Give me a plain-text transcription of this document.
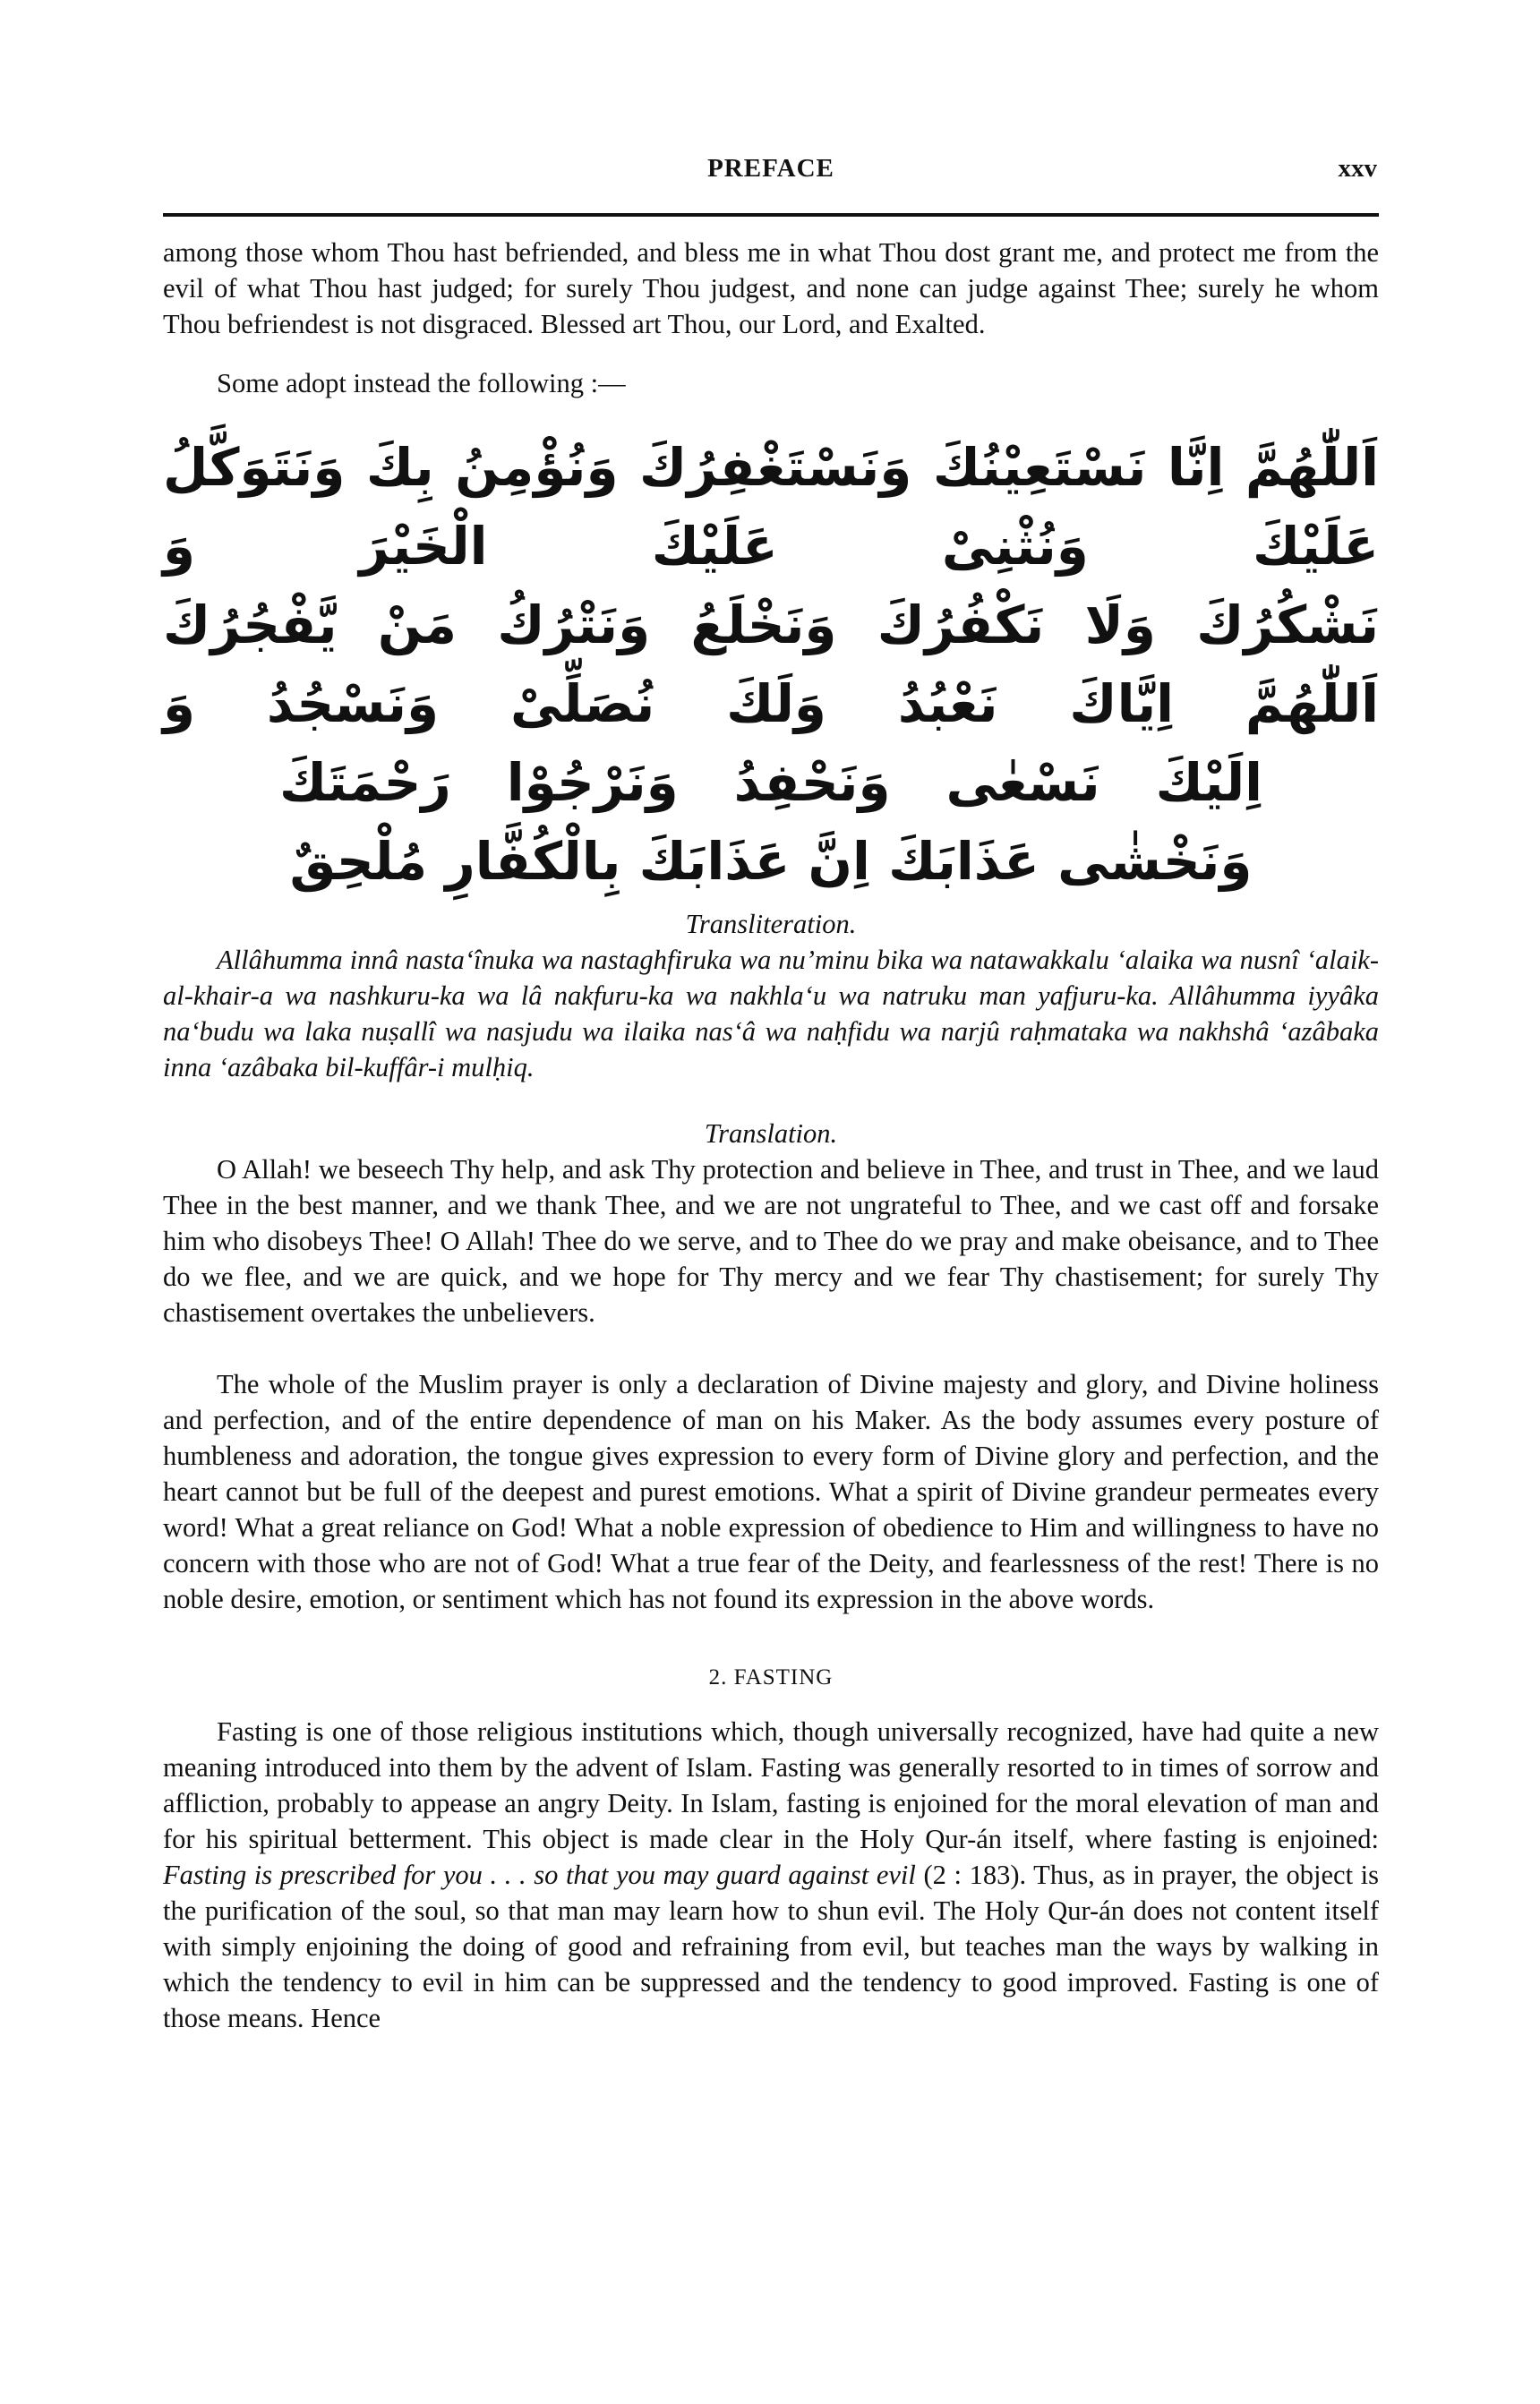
PREFACE	xxv

among those whom Thou hast befriended, and bless me in what Thou dost grant me, and protect me from the evil of what Thou hast judged; for surely Thou judgest, and none can judge against Thee; surely he whom Thou befriendest is not disgraced. Blessed art Thou, our Lord, and Exalted.

Some adopt instead the following :—

اَللّٰهُمَّ اِنَّا نَسْتَعِيْنُكَ وَنَسْتَغْفِرُكَ وَنُؤْمِنُ بِكَ وَنَتَوَكَّلُ عَلَيْكَ وَنُثْنِىْ عَلَيْكَ الْخَيْرَ وَ
نَشْكُرُكَ وَلَا نَكْفُرُكَ وَنَخْلَعُ وَنَتْرُكُ مَنْ يَّفْجُرُكَ اَللّٰهُمَّ اِيَّاكَ نَعْبُدُ وَلَكَ نُصَلِّىْ وَنَسْجُدُ وَ
اِلَيْكَ نَسْعٰى وَنَحْفِدُ وَنَرْجُوْا رَحْمَتَكَ وَنَخْشٰى عَذَابَكَ اِنَّ عَذَابَكَ بِالْكُفَّارِ مُلْحِقٌ

Transliteration.

Allâhumma innâ nasta‘înuka wa nastaghfiruka wa nu’minu bika wa natawakkalu ‘alaika wa nusnî ‘alaik-al-khair-a wa nashkuru-ka wa lâ nakfuru-ka wa nakhla‘u wa natruku man yafjuru-ka. Allâhumma iyyâka na‘budu wa laka nuṣallî wa nasjudu wa ilaika nas‘â wa naḥfidu wa narjû raḥmataka wa nakhshâ ‘azâbaka inna ‘azâbaka bil-kuffâr-i mulḥiq.

Translation.

O Allah! we beseech Thy help, and ask Thy protection and believe in Thee, and trust in Thee, and we laud Thee in the best manner, and we thank Thee, and we are not ungrateful to Thee, and we cast off and forsake him who disobeys Thee! O Allah! Thee do we serve, and to Thee do we pray and make obeisance, and to Thee do we flee, and we are quick, and we hope for Thy mercy and we fear Thy chastisement; for surely Thy chastisement overtakes the unbelievers.

The whole of the Muslim prayer is only a declaration of Divine majesty and glory, and Divine holiness and perfection, and of the entire dependence of man on his Maker. As the body assumes every posture of humbleness and adoration, the tongue gives expression to every form of Divine glory and perfection, and the heart cannot but be full of the deepest and purest emotions. What a spirit of Divine grandeur permeates every word! What a great reliance on God! What a noble expression of obedience to Him and willingness to have no concern with those who are not of God! What a true fear of the Deity, and fearlessness of the rest! There is no noble desire, emotion, or sentiment which has not found its expression in the above words.

2. FASTING

Fasting is one of those religious institutions which, though universally recognized, have had quite a new meaning introduced into them by the advent of Islam. Fasting was generally resorted to in times of sorrow and affliction, probably to appease an angry Deity. In Islam, fasting is enjoined for the moral elevation of man and for his spiritual betterment. This object is made clear in the Holy Qur-án itself, where fasting is enjoined: Fasting is prescribed for you . . . so that you may guard against evil (2 : 183). Thus, as in prayer, the object is the purification of the soul, so that man may learn how to shun evil. The Holy Qur-án does not content itself with simply enjoining the doing of good and refraining from evil, but teaches man the ways by walking in which the tendency to evil in him can be suppressed and the tendency to good improved. Fasting is one of those means. Hence
